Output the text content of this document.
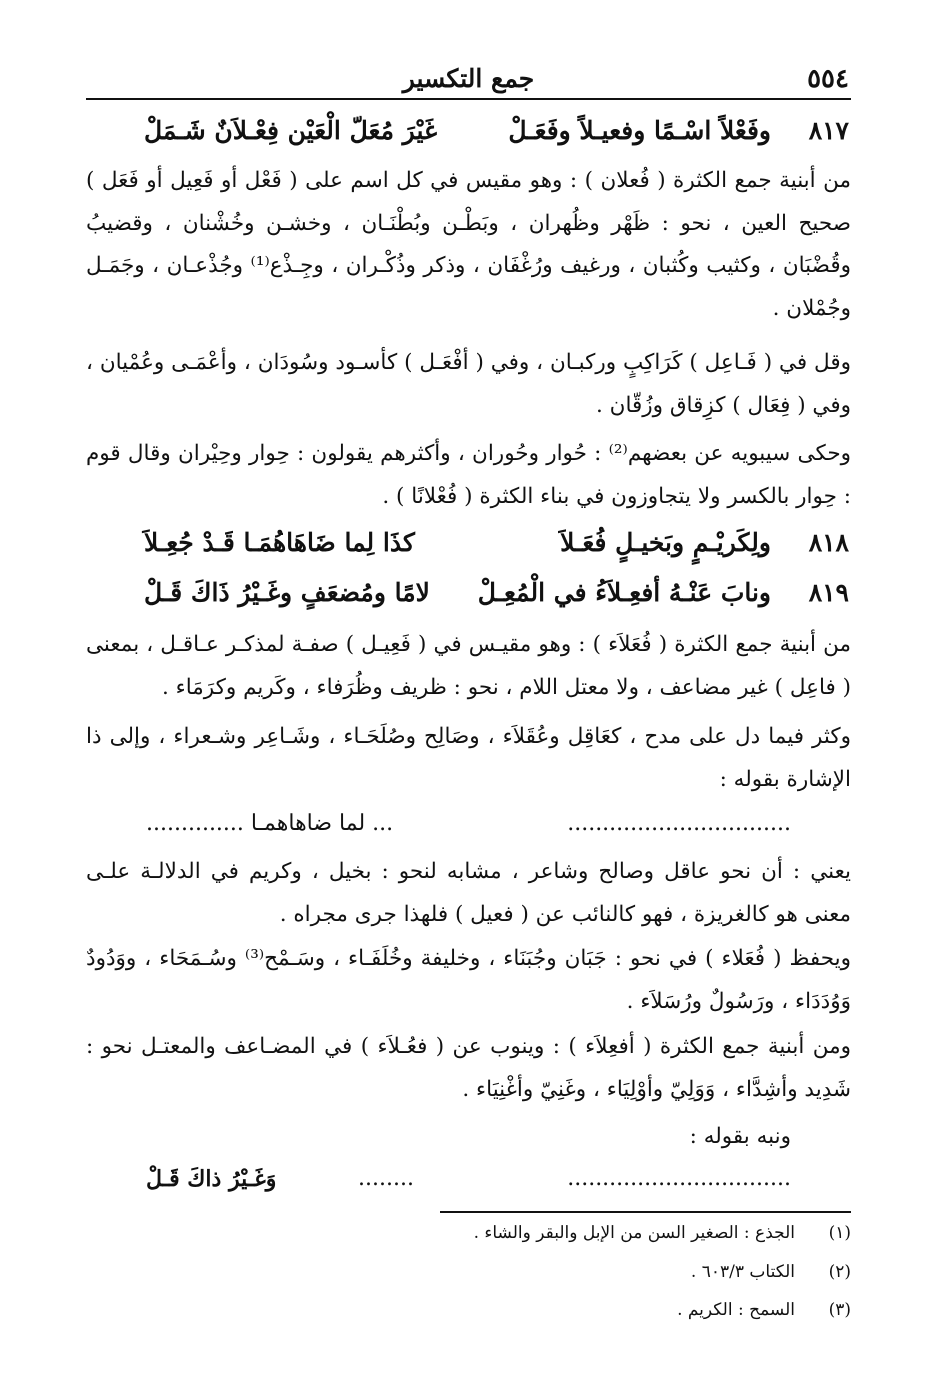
٥٥٤
جمع التكسير
٨١٧
وفَعْلاً اسْـمًا وفعيـلاً وفَعَـلْ
غَيْرَ مُعَلّ الْعَيْن فِعْـلاَنٌ شَـمَلْ
من أبنية جمع الكثرة ( فُعلان ) : وهو مقيس في كل اسم على ( فَعْل أو فَعِيل أو فَعَل ) صحيح العين ، نحو : ظَهْر وظُهران ، وبَطْـن وبُطْنَـان ، وخشـن وخُشْنان ، وقضيبُ وقُضْبَان ، وكثيب وكُثبان ، ورغيف ورُغْفَان ، وذكر وذُكْـران ، وجِـذْع⁽¹⁾ وجُذْعـان ، وجَمَـل وجُمْلان .
وقل في ( فَـاعِل ) كَرَاكِبٍ وركبـان ، وفي ( أفْعَـل ) كأسـود وسُودَان ، وأعْمَـى وعُمْيان ، وفي ( فِعَال ) كزِقاق وزُقّان .
وحكى سيبويه عن بعضهم⁽²⁾ : حُوار وحُوران ، وأكثرهم يقولون : حِوار وحِيْران وقال قوم : حِوار بالكسر ولا يتجاوزون في بناء الكثرة ( فُعْلانًا ) .
٨١٨
ولِكَريْـمٍ وبَخيـلٍ فُعَـلاَ
كذَا لِما ضَاهَاهُمَـا قَـدْ جُعِـلاَ
٨١٩
ونابَ عَنْـهُ أفعِـلاَءُ في الْمُعِـلْ
لامًا ومُضعَفٍ وغَـيْرُ ذَاكَ قَـلْ
من أبنية جمع الكثرة ( فُعَلاَء ) : وهو مقيـس في ( فَعِيـل ) صفـة لمذكـر عـاقـل ، بمعنى ( فاعِل ) غير مضاعف ، ولا معتل اللام ، نحو : ظريف وظُرَفاء ، وكَريم وكرَمَاء .
وكثر فيما دل على مدح ، كعَاقِل وعُقَلاَء ، وصَالِح وصُلَحَـاء ، وشَـاعِر وشـعراء ، وإلى ذا الإشارة بقوله :
................................
... لما ضاهاهمـا ..............
يعني : أن نحو عاقل وصالح وشاعر ، مشابه لنحو : بخيل ، وكريم في الدلالـة علـى معنى هو كالغريزة ، فهو كالنائب عن ( فعيل ) فلهذا جرى مجراه .
ويحفظ ( فُعَلاء ) في نحو : جَبَان وجُبَنَاء ، وخليفة وخُلَفَـاء ، وسَـمْح⁽³⁾ وسُـمَحَاء ، ووَدُودٌ وَوُدَدَاء ، ورَسُولٌ ورُسَلاَء .
ومن أبنية جمع الكثرة ( أفعِلاَء ) : وينوب عن ( فعُـلاَء ) في المضـاعف والمعتـل نحو : شَدِيد وأشِدَّاء ، وَوَلِيّ وأوْلِيَاء ، وغَنِيّ وأغْنِيَاء .
ونبه بقوله :
................................
وَغَـيْرُ ذاكَ قَـلْ	........
(١)
الجذع : الصغير السن من الإبل والبقر والشاء .
(٢)
الكتاب ٦٠٣/٣ .
(٣)
السمح : الكريم .
